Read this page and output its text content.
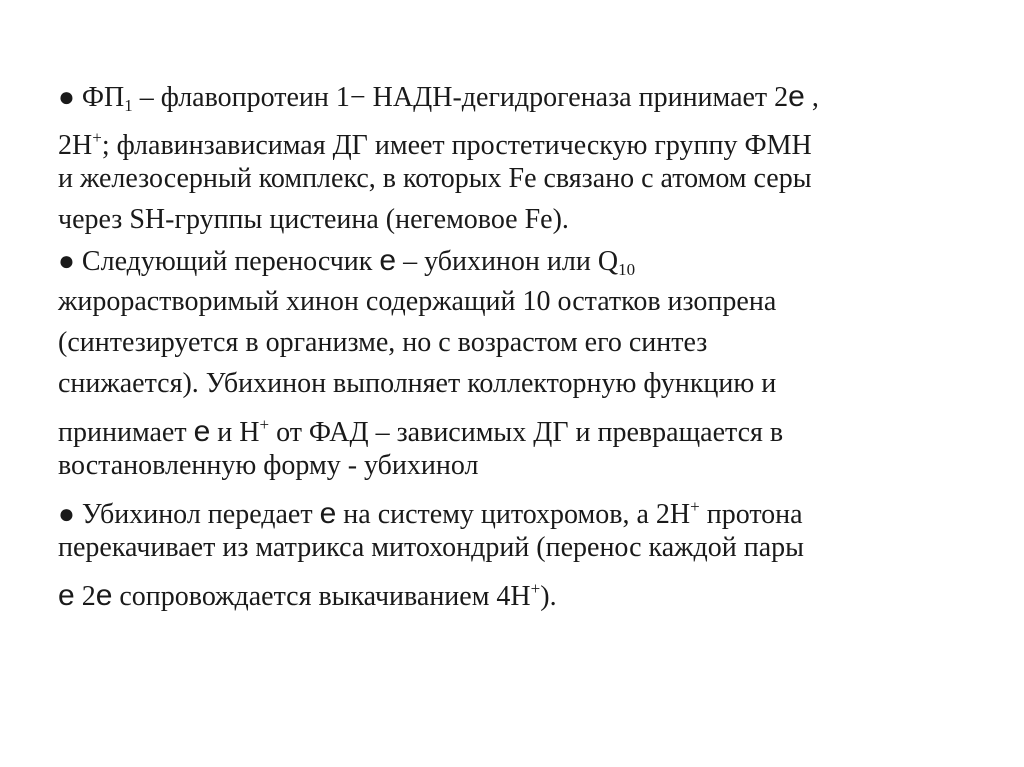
● $ФП_1$ – флавопротеин 1− НАДН-дегидрогеназа принимает 2е ,
2Н+; флавинзависимая ДГ имеет простетическую группу ФМН
и железосерный комплекс, в которых Fe связано с атомом серы
через SH-группы цистеина (негемовое Fe).
● Следующий переносчик е – убихинон или $Q_{10}$
жирорастворимый хинон содержащий 10 остатков изопрена
(синтезируется в организме, но с возрастом его синтез
снижается). Убихинон выполняет коллекторную функцию и
принимает е и Н+ от ФАД – зависимых ДГ и превращается в
востановленную форму - убихинол
● Убихинол передает е на систему цитохромов, а 2Н+ протона
перекачивает из матрикса митохондрий (перенос каждой пары
е 2е сопровождается выкачиванием 4Н+).
